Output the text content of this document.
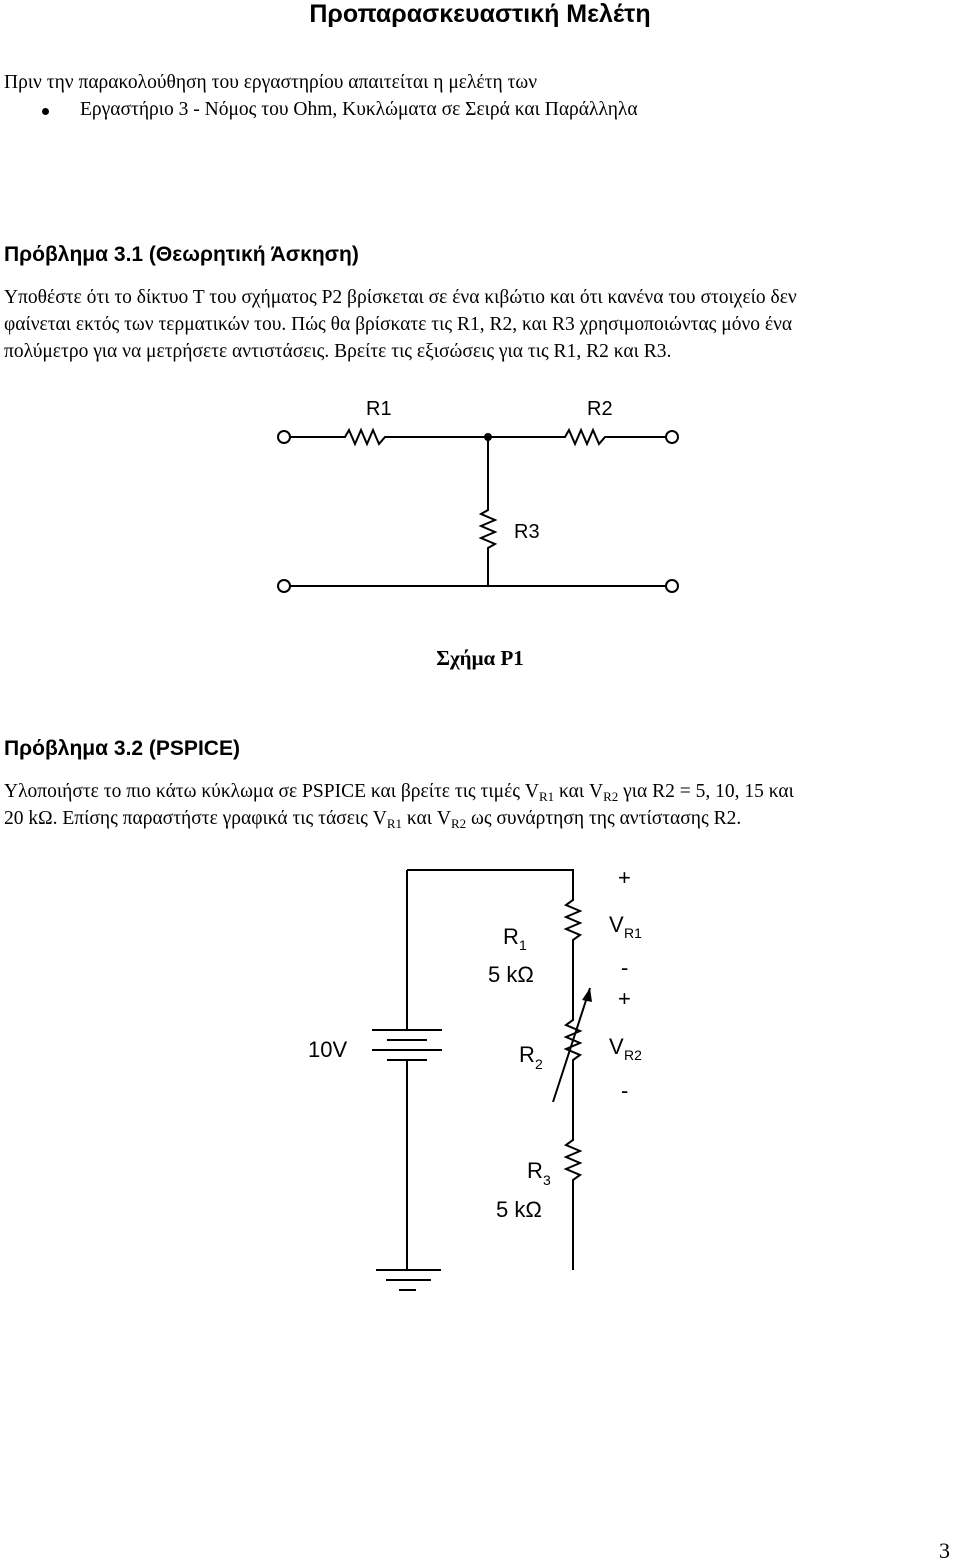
Προπαρασκευαστική Μελέτη
Πριν την παρακολούθηση του εργαστηρίου απαιτείται η μελέτη των
Εργαστήριο 3 - Νόμος του Ohm, Κυκλώματα σε Σειρά και Παράλληλα
Πρόβλημα 3.1 (Θεωρητική Άσκηση)
Υποθέστε ότι το δίκτυο Τ του σχήματος Ρ2 βρίσκεται σε ένα κιβώτιο και ότι κανένα του στοιχείο δεν
φαίνεται εκτός των τερματικών του. Πώς θα βρίσκατε τις R1, R2, και R3 χρησιμοποιώντας μόνο ένα
πολύμετρο για να μετρήσετε αντιστάσεις. Βρείτε τις εξισώσεις για τις R1, R2 και R3.
R1	R2
R3
Σχήμα Ρ1
Πρόβλημα 3.2 (PSPICE)
Υλοποιήστε το πιο κάτω κύκλωμα σε PSPICE και βρείτε τις τιμές $V_{R1}$ και $V_{R2}$ για R2 = 5, 10, 15 και
20 kΩ. Επίσης παραστήστε γραφικά τις τάσεις $V_{R1}$ και $V_{R2}$ ως συνάρτηση της αντίστασης R2.
10V
R 1
5 kΩ
R 2
R 3
5 kΩ
+
V R1
-
+
V R2
-
3
